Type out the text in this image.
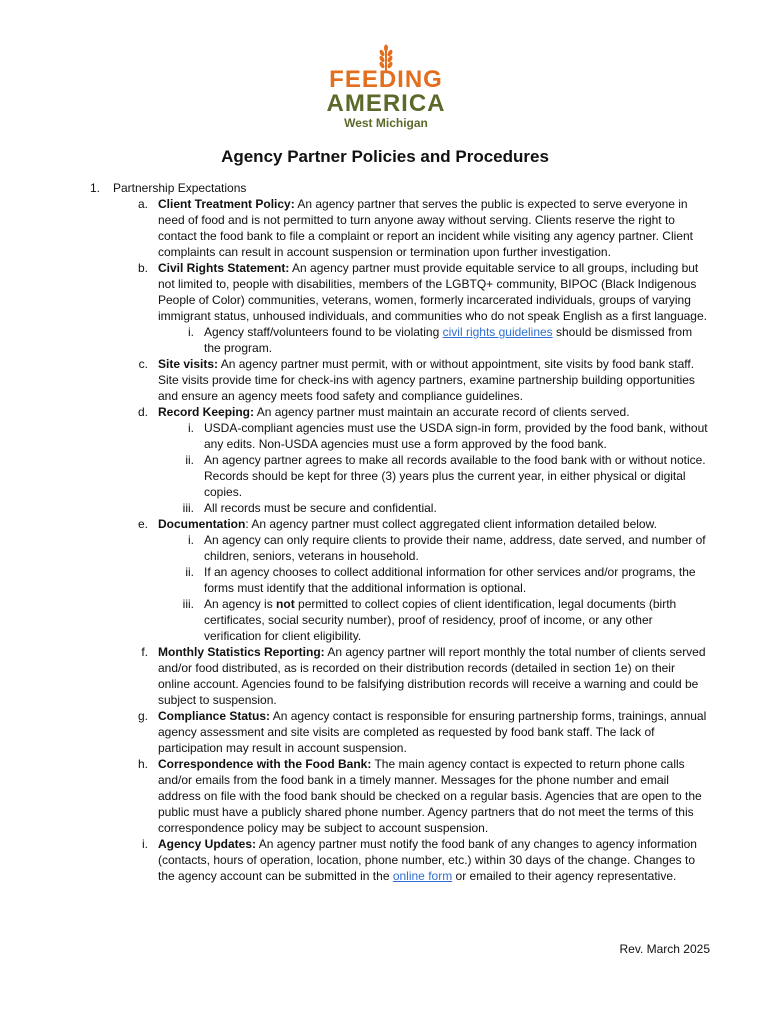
FEEDING
AMERICA
West Michigan
Agency Partner Policies and Procedures
1. Partnership Expectations
a. Client Treatment Policy: An agency partner that serves the public is expected to serve everyone in need of food and is not permitted to turn anyone away without serving. Clients reserve the right to contact the food bank to file a complaint or report an incident while visiting any agency partner. Client complaints can result in account suspension or termination upon further investigation.
b. Civil Rights Statement: An agency partner must provide equitable service to all groups, including but not limited to, people with disabilities, members of the LGBTQ+ community, BIPOC (Black Indigenous People of Color) communities, veterans, women, formerly incarcerated individuals, groups of varying immigrant status, unhoused individuals, and communities who do not speak English as a first language.
i. Agency staff/volunteers found to be violating civil rights guidelines should be dismissed from the program.
c. Site visits: An agency partner must permit, with or without appointment, site visits by food bank staff. Site visits provide time for check-ins with agency partners, examine partnership building opportunities and ensure an agency meets food safety and compliance guidelines.
d. Record Keeping: An agency partner must maintain an accurate record of clients served.
i. USDA-compliant agencies must use the USDA sign-in form, provided by the food bank, without any edits. Non-USDA agencies must use a form approved by the food bank.
ii. An agency partner agrees to make all records available to the food bank with or without notice. Records should be kept for three (3) years plus the current year, in either physical or digital copies.
iii. All records must be secure and confidential.
e. Documentation: An agency partner must collect aggregated client information detailed below.
i. An agency can only require clients to provide their name, address, date served, and number of children, seniors, veterans in household.
ii. If an agency chooses to collect additional information for other services and/or programs, the forms must identify that the additional information is optional.
iii. An agency is not permitted to collect copies of client identification, legal documents (birth certificates, social security number), proof of residency, proof of income, or any other verification for client eligibility.
f. Monthly Statistics Reporting: An agency partner will report monthly the total number of clients served and/or food distributed, as is recorded on their distribution records (detailed in section 1e) on their online account. Agencies found to be falsifying distribution records will receive a warning and could be subject to suspension.
g. Compliance Status: An agency contact is responsible for ensuring partnership forms, trainings, annual agency assessment and site visits are completed as requested by food bank staff. The lack of participation may result in account suspension.
h. Correspondence with the Food Bank: The main agency contact is expected to return phone calls and/or emails from the food bank in a timely manner. Messages for the phone number and email address on file with the food bank should be checked on a regular basis. Agencies that are open to the public must have a publicly shared phone number. Agency partners that do not meet the terms of this correspondence policy may be subject to account suspension.
i. Agency Updates: An agency partner must notify the food bank of any changes to agency information (contacts, hours of operation, location, phone number, etc.) within 30 days of the change. Changes to the agency account can be submitted in the online form or emailed to their agency representative.
Rev. March 2025
